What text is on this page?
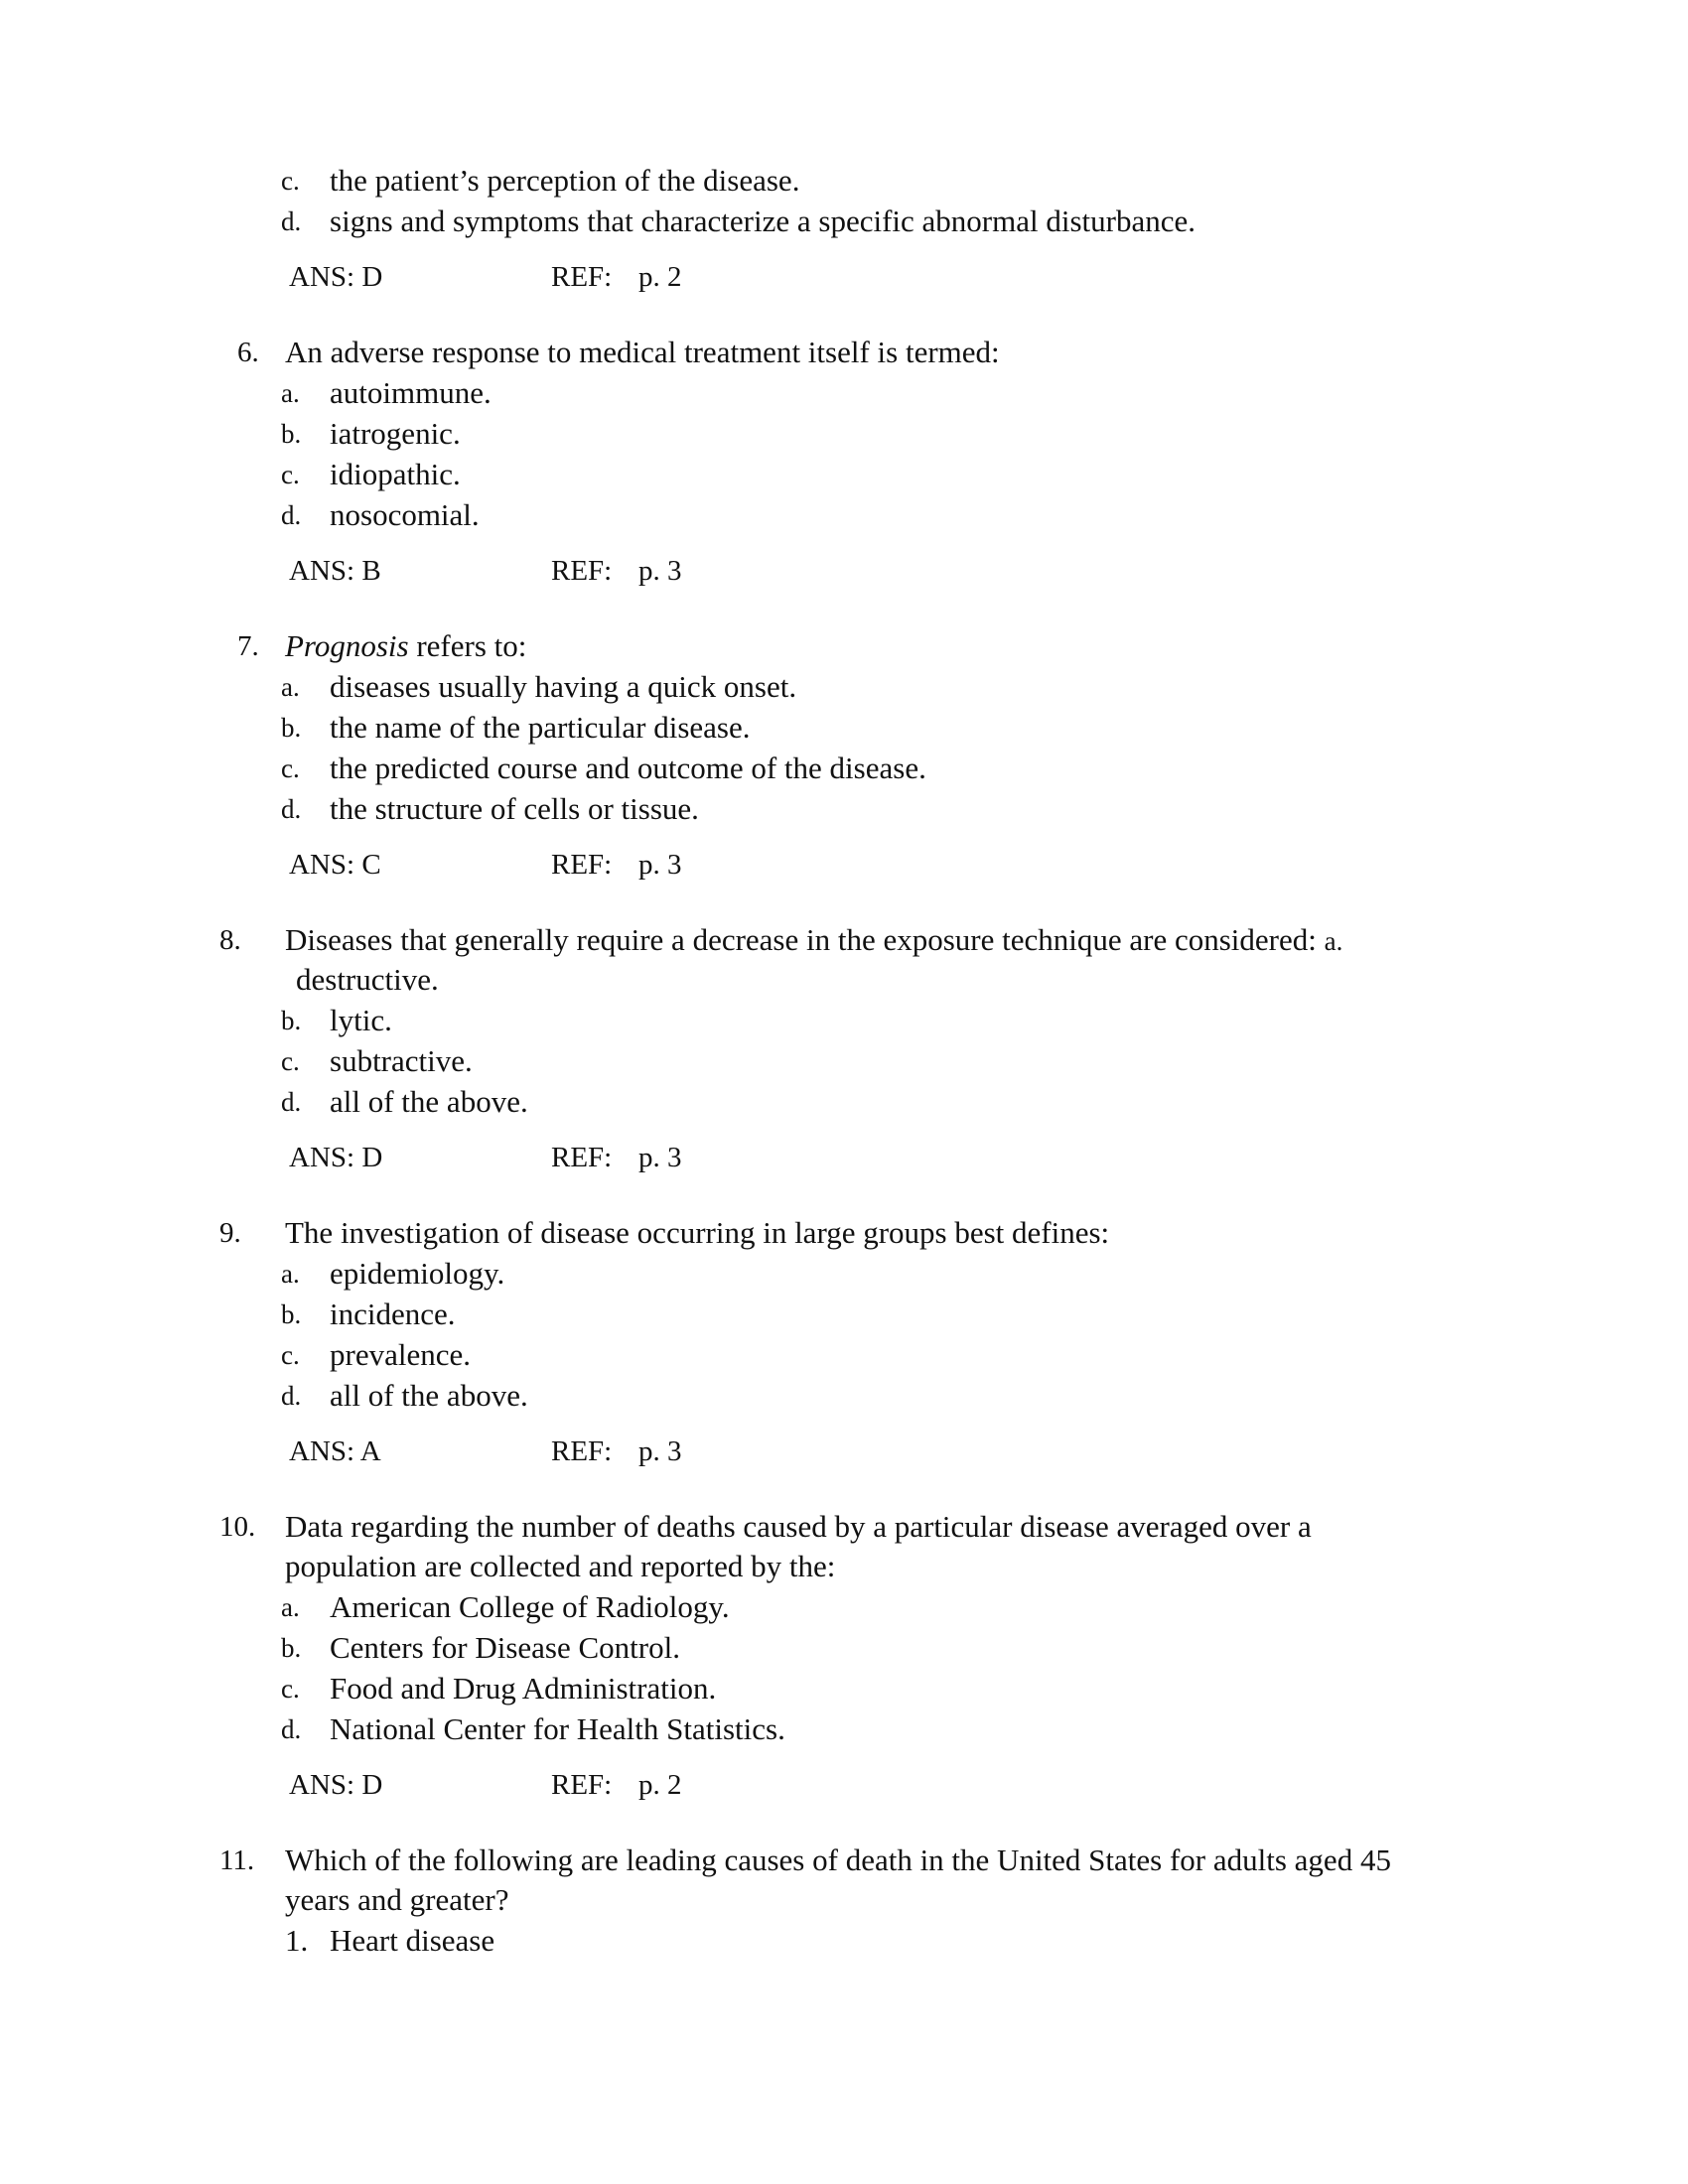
c. the patient’s perception of the disease.
d. signs and symptoms that characterize a specific abnormal disturbance.
ANS: D	REF: p. 2
6. An adverse response to medical treatment itself is termed:
a. autoimmune.
b. iatrogenic.
c. idiopathic.
d. nosocomial.
ANS: B	REF: p. 3
7. Prognosis refers to:
a. diseases usually having a quick onset.
b. the name of the particular disease.
c. the predicted course and outcome of the disease.
d. the structure of cells or tissue.
ANS: C	REF: p. 3
8. Diseases that generally require a decrease in the exposure technique are considered: a.
destructive.
b. lytic.
c. subtractive.
d. all of the above.
ANS: D	REF: p. 3
9. The investigation of disease occurring in large groups best defines:
a. epidemiology.
b. incidence.
c. prevalence.
d. all of the above.
ANS: A	REF: p. 3
10. Data regarding the number of deaths caused by a particular disease averaged over a
population are collected and reported by the:
a. American College of Radiology.
b. Centers for Disease Control.
c. Food and Drug Administration.
d. National Center for Health Statistics.
ANS: D	REF: p. 2
11. Which of the following are leading causes of death in the United States for adults aged 45
years and greater?
1. Heart disease
